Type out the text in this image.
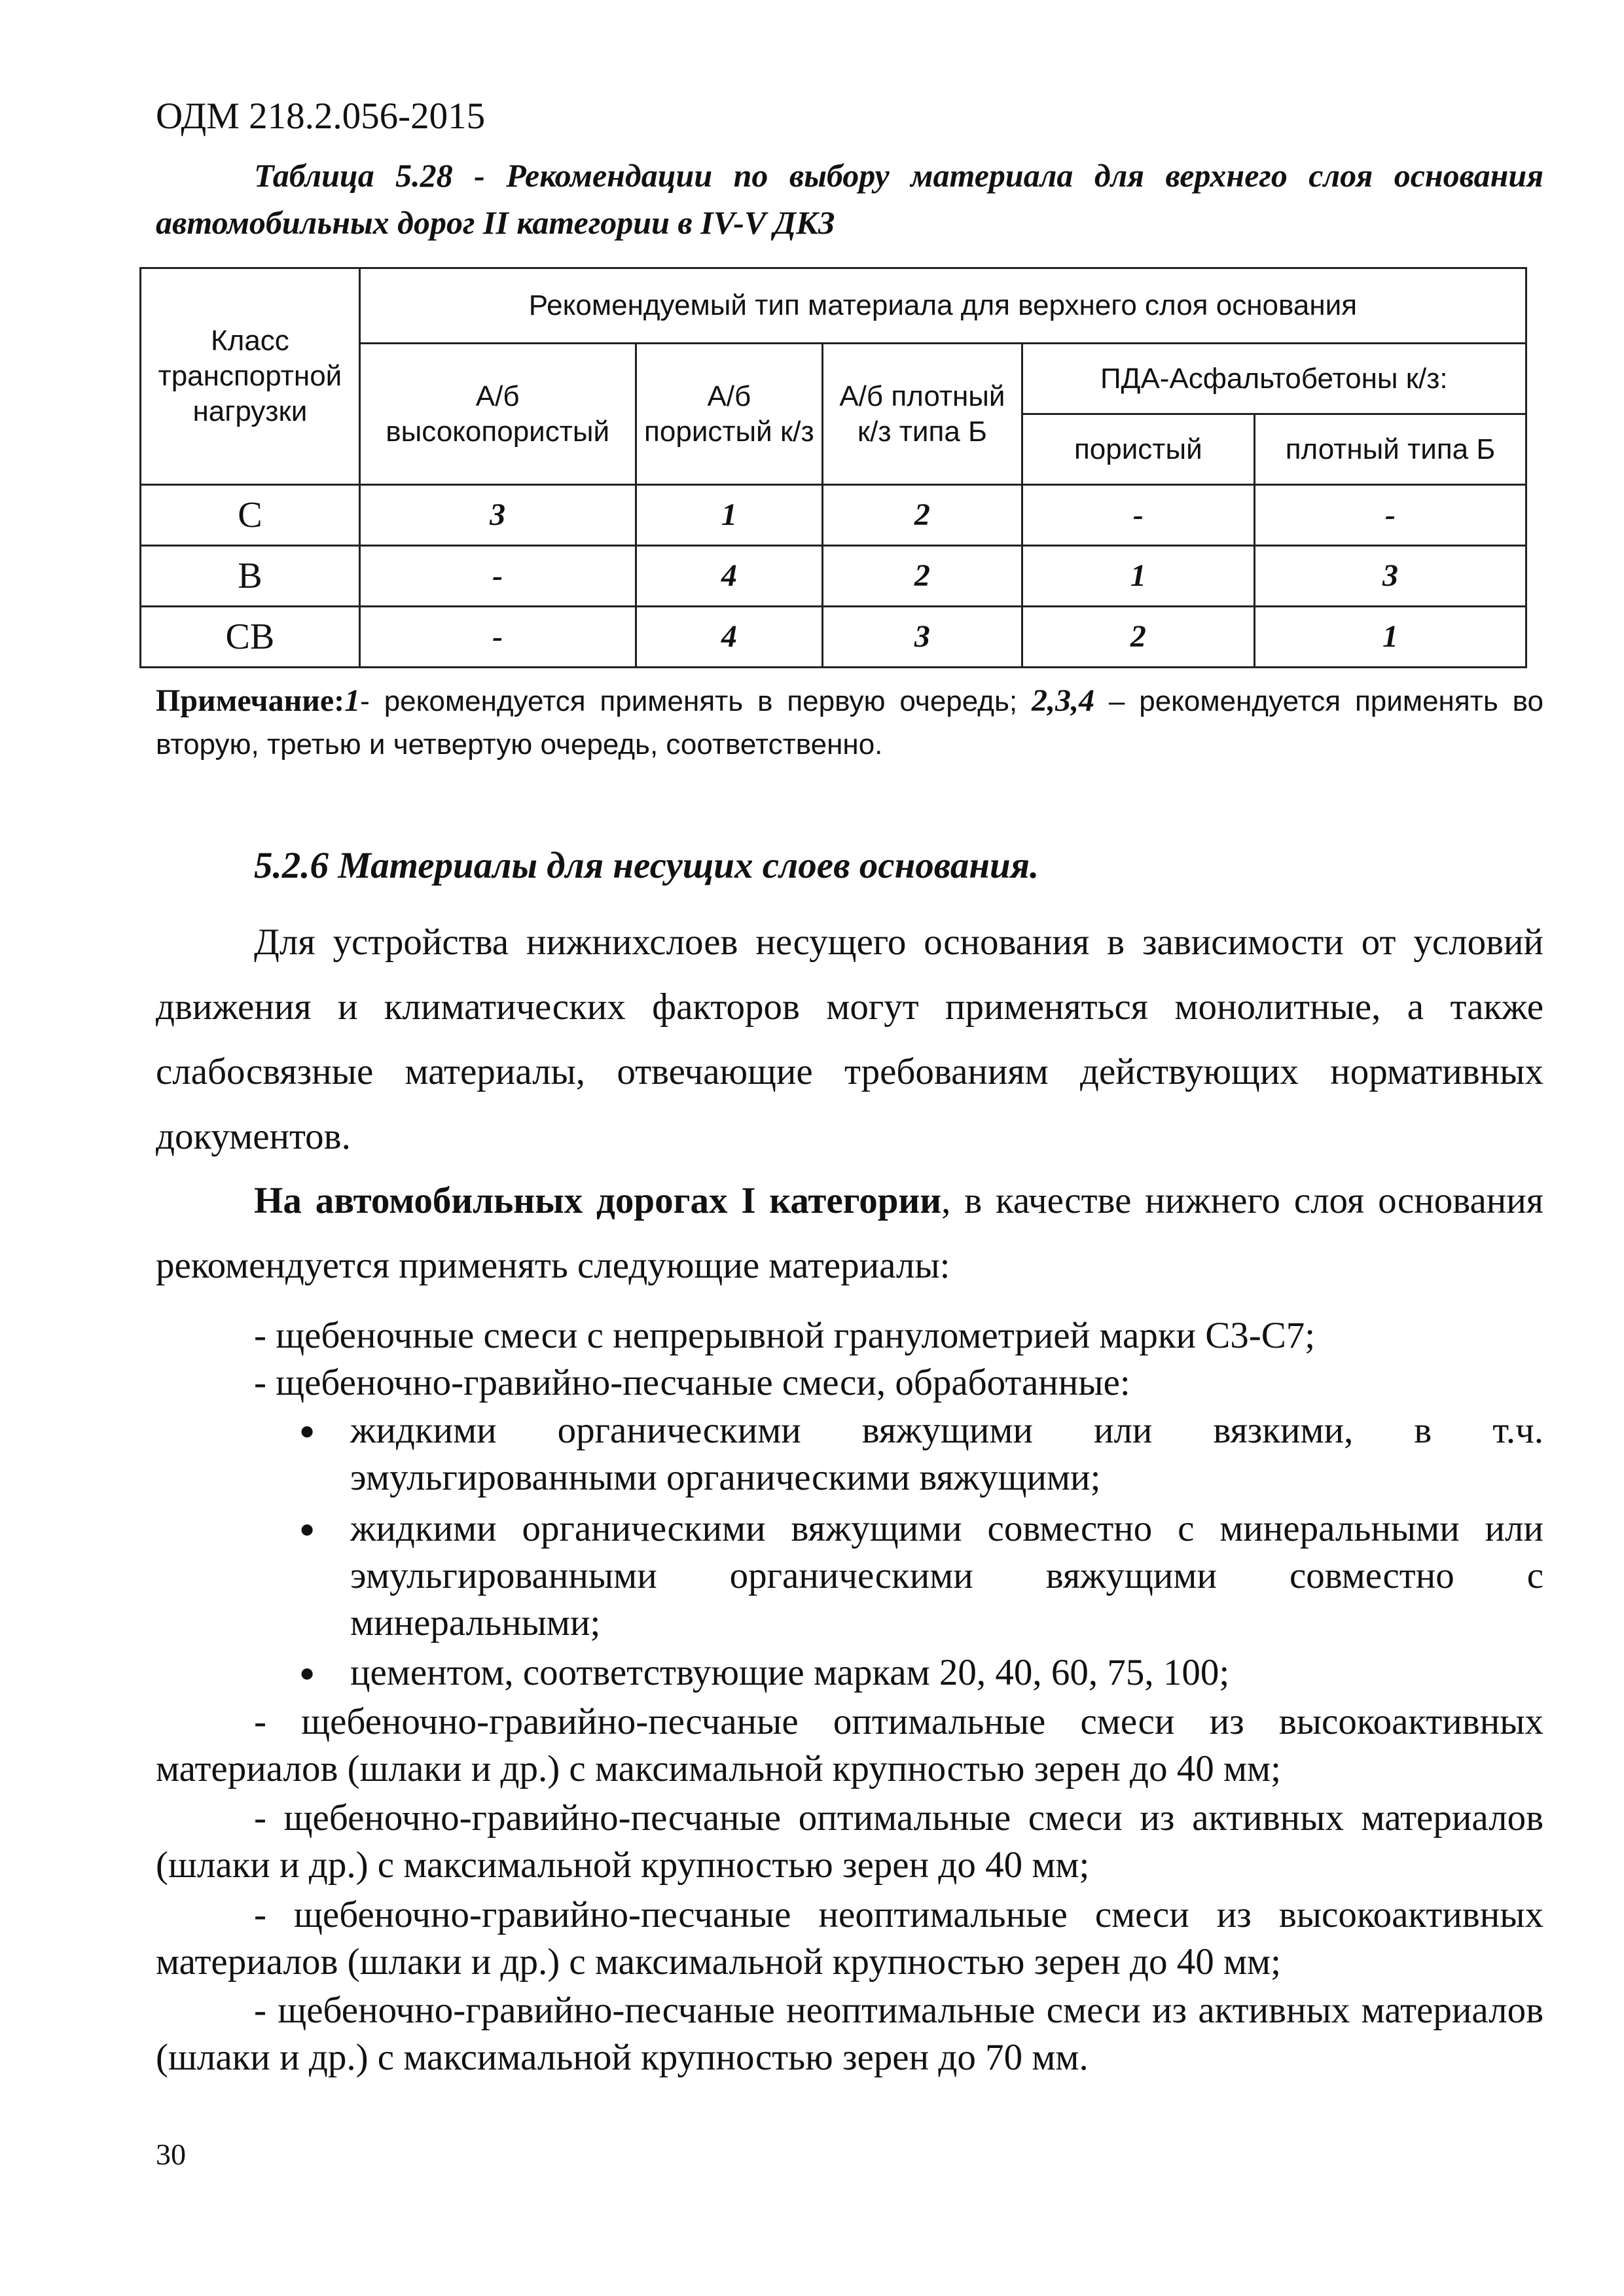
ОДМ 218.2.056-2015
Таблица 5.28 - Рекомендации по выбору материала для верхнего слоя основания автомобильных дорог II категории в IV-V ДКЗ
Класс транспортной нагрузки	Рекомендуемый тип материала для верхнего слоя основания				
	А/б высокопористый	А/б пористый к/з	А/б плотный к/з типа Б	ПДА-Асфальтобетоны к/з:	
				пористый	плотный типа Б
С	3	1	2	-	-
В	-	4	2	1	3
СВ	-	4	3	2	1
Примечание:1- рекомендуется применять в первую очередь; 2,3,4 – рекомендуется применять во вторую, третью и четвертую очередь, соответственно.
5.2.6 Материалы для несущих слоев основания.
Для устройства нижнихслоев несущего основания в зависимости от условий движения и климатических факторов могут применяться монолитные, а также слабосвязные материалы, отвечающие требованиям действующих нормативных документов.
На автомобильных дорогах I категории, в качестве нижнего слоя основания рекомендуется применять следующие материалы:
- щебеночные смеси с непрерывной гранулометрией марки С3-С7;
- щебеночно-гравийно-песчаные смеси, обработанные:
● жидкими органическими вяжущими или вязкими, в т.ч. эмульгированными органическими вяжущими;
● жидкими органическими вяжущими совместно с минеральными или эмульгированными органическими вяжущими совместно с минеральными;
● цементом, соответствующие маркам 20, 40, 60, 75, 100;
- щебеночно-гравийно-песчаные оптимальные смеси из высокоактивных материалов (шлаки и др.) с максимальной крупностью зерен до 40 мм;
- щебеночно-гравийно-песчаные оптимальные смеси из активных материалов (шлаки и др.) с максимальной крупностью зерен до 40 мм;
- щебеночно-гравийно-песчаные неоптимальные смеси из высокоактивных материалов (шлаки и др.) с максимальной крупностью зерен до 40 мм;
- щебеночно-гравийно-песчаные неоптимальные смеси из активных материалов (шлаки и др.) с максимальной крупностью зерен до 70 мм.
30
